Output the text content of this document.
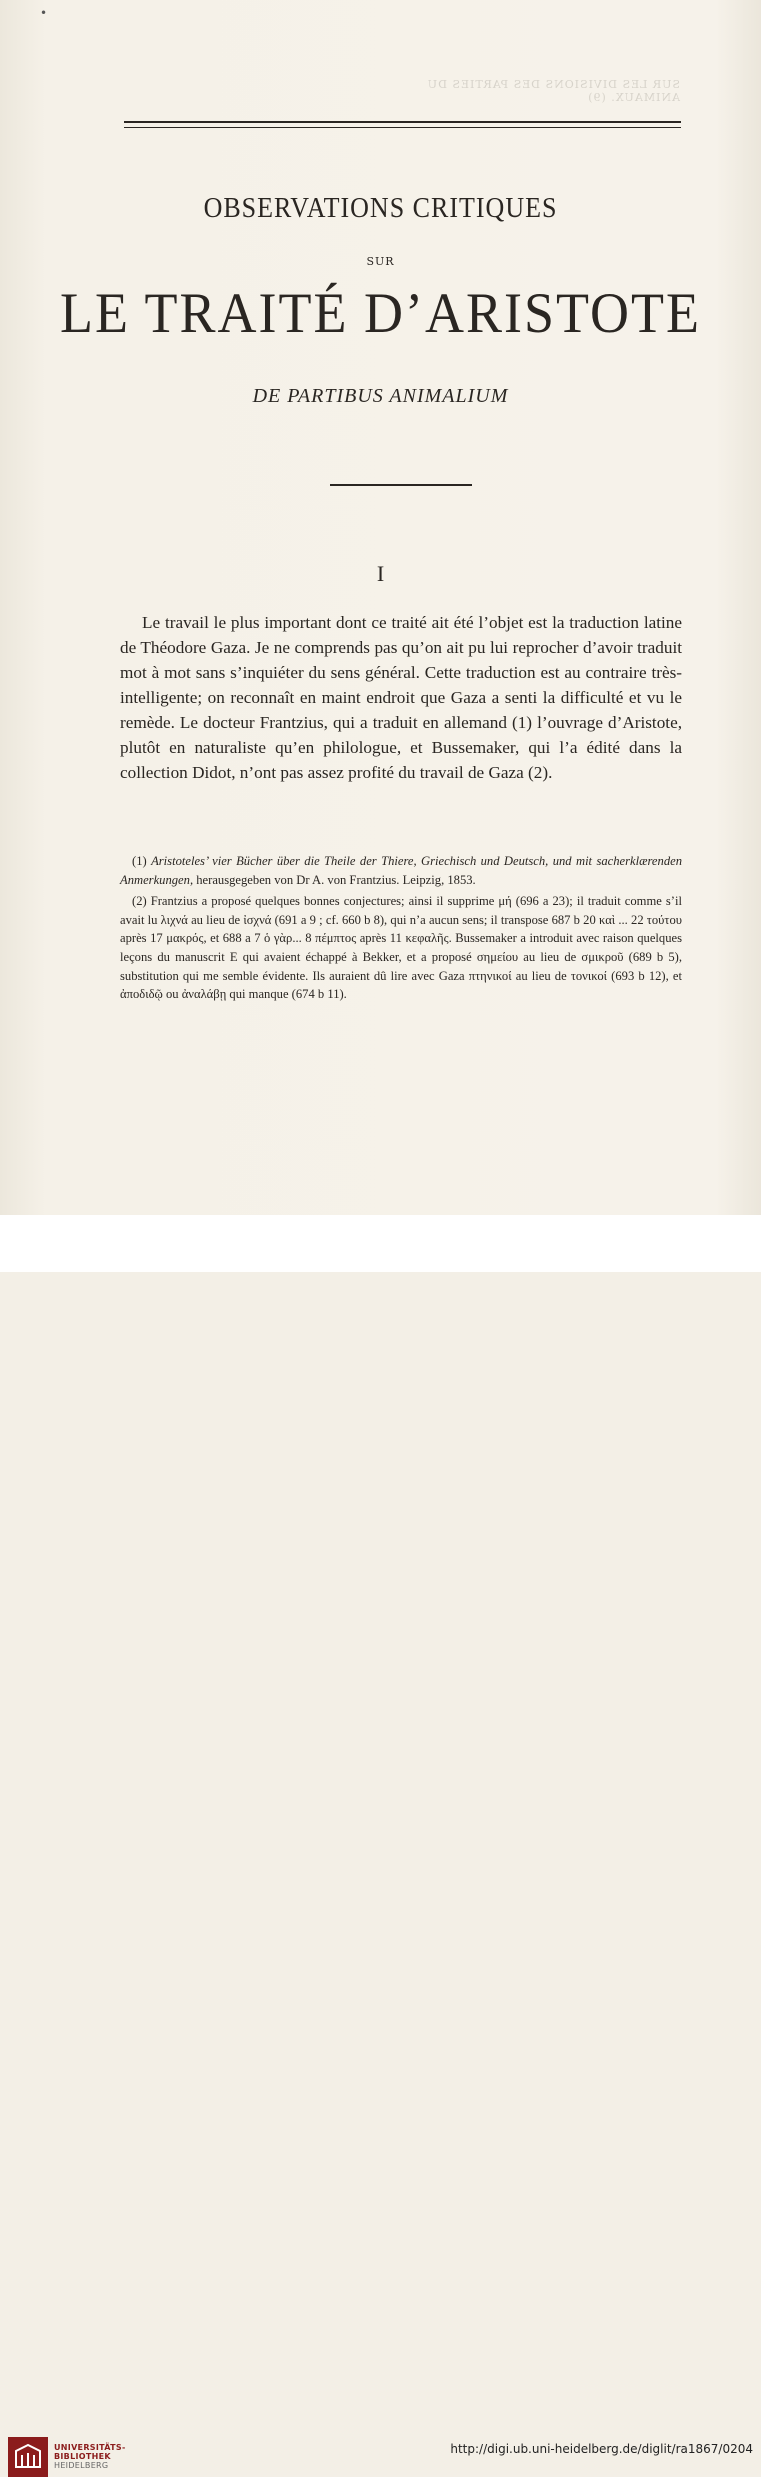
•
SUR LES DIVISIONS DES PARTIES DU ANIMAUX. (9)
OBSERVATIONS CRITIQUES
SUR
LE TRAITÉ D’ARISTOTE
DE PARTIBUS ANIMALIUM
I

Le travail le plus important dont ce traité ait été l’objet est la traduction latine de Théodore Gaza. Je ne comprends pas qu’on ait pu lui reprocher d’avoir traduit mot à mot sans s’inquiéter du sens général. Cette traduction est au contraire très-intelligente; on reconnaît en maint endroit que Gaza a senti la difficulté et vu le remède. Le docteur Frantzius, qui a traduit en allemand (1) l’ouvrage d’Aristote, plutôt en naturaliste qu’en philologue, et Bussemaker, qui l’a édité dans la collection Didot, n’ont pas assez profité du travail de Gaza (2).

(1) Aristoteles’ vier Bücher über die Theile der Thiere, Griechisch und Deutsch, und mit sacherklærenden Anmerkungen, herausgegeben von Dr A. von Frantzius. Leipzig, 1853.

(2) Frantzius a proposé quelques bonnes conjectures; ainsi il supprime μή (696 a 23); il traduit comme s’il avait lu λιχνά au lieu de ἰσχνά (691 a 9 ; cf. 660 b 8), qui n’a aucun sens; il transpose 687 b 20 καὶ ... 22 τούτου après 17 μακρός, et 688 a 7 ὁ γὰρ... 8 πέμπτος après 11 κεφαλῆς. Bussemaker a introduit avec raison quelques leçons du manuscrit E qui avaient échappé à Bekker, et a proposé σημείου au lieu de σμικροῦ (689 b 5), substitution qui me semble évidente. Ils auraient dû lire avec Gaza πτηνικοί au lieu de τονικοί (693 b 12), et ἀποδιδῷ ou ἀναλάβῃ qui manque (674 b 11).

UNIVERSITÄTS-
BIBLIOTHEK
HEIDELBERG
http://digi.ub.uni-heidelberg.de/diglit/ra1867/0204
